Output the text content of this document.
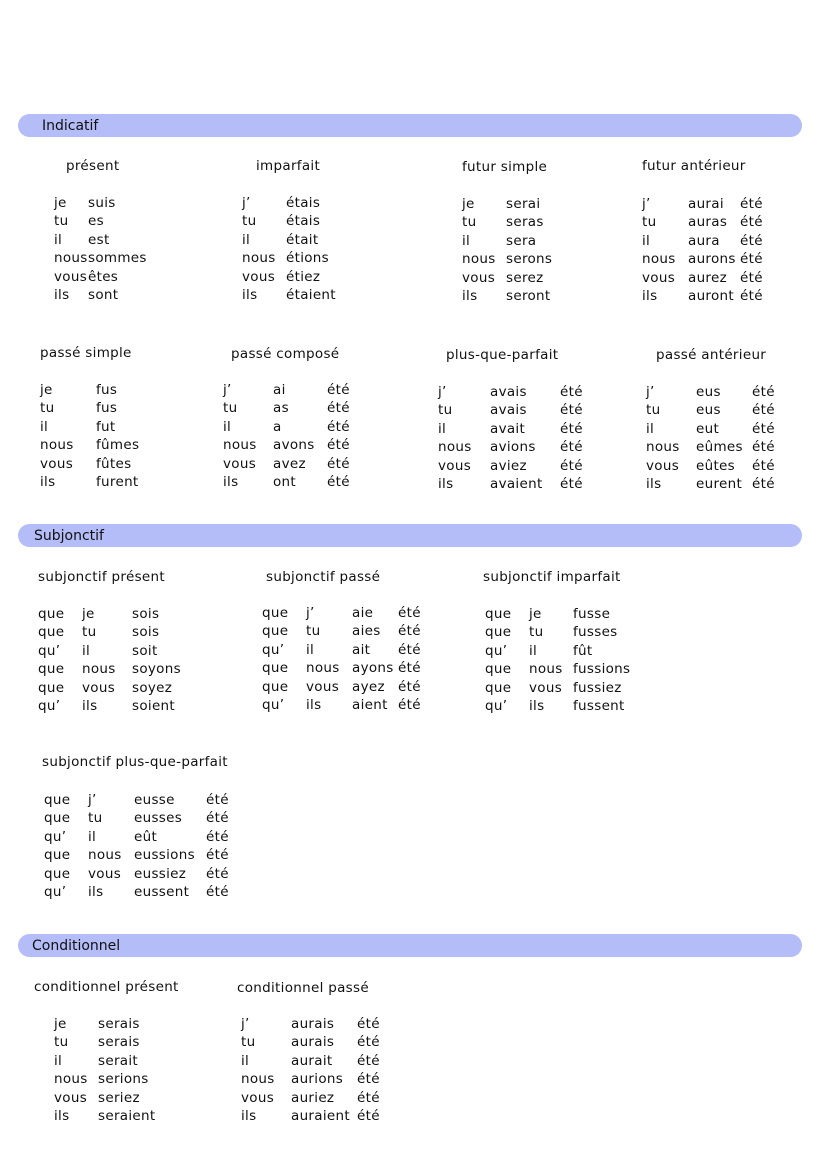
Indicatif
Subjonctif
Conditionnel
présent
je suis
tu es
il est
nous sommes
vous êtes
ils sont
imparfait
j’	étais
tu étais
il	était
nous étions
vous étiez
ils étaient
futur simple
je serai
tu seras
il	sera
nous serons
vous serez
ils seront
futur antérieur
j’	aurai été
tu auras été
il	aura été
nous aurons été
vous aurez été
ils auront été
passé simple
je	fus
tu	fus
il	fut
nous fûmes
vous fûtes
ils	furent
passé composé
j’	ai	été
tu	as	été
il	a	été
nous avons été
vous avez été
ils	ont été
plus-que-parfait
j’	avais été
tu	avais été
il	avait	été
nous avions été
vous aviez été
ils	avaient été
passé antérieur
j’	eus été
tu	eus été
il	eut été
nous eûmes été
vous eûtes été
ils	eurent été
subjonctif présent
que je	sois
que tu	sois
qu’ il	soit
que nous soyons
que vous soyez
qu’ ils	soient
subjonctif passé
que j’	aie été
que tu aies été
qu’ il	ait été
que nous ayons été
que vous ayez été
qu’ ils aient été
subjonctif imparfait
que je fusse
que tu fusses
qu’ il	fût
que nous fussions
que vous fussiez
qu’ ils fussent
subjonctif plus-que-parfait
que j’	eusse été
que tu eusses été
qu’ il	eût	été
que nous eussions été
que vous eussiez été
qu’ ils eussent été
conditionnel présent
je serais
tu serais
il	serait
nous serions
vous seriez
ils seraient
conditionnel passé
j’	aurais été
tu	aurais été
il	aurait été
nous aurions été
vous auriez été
ils	auraient été
